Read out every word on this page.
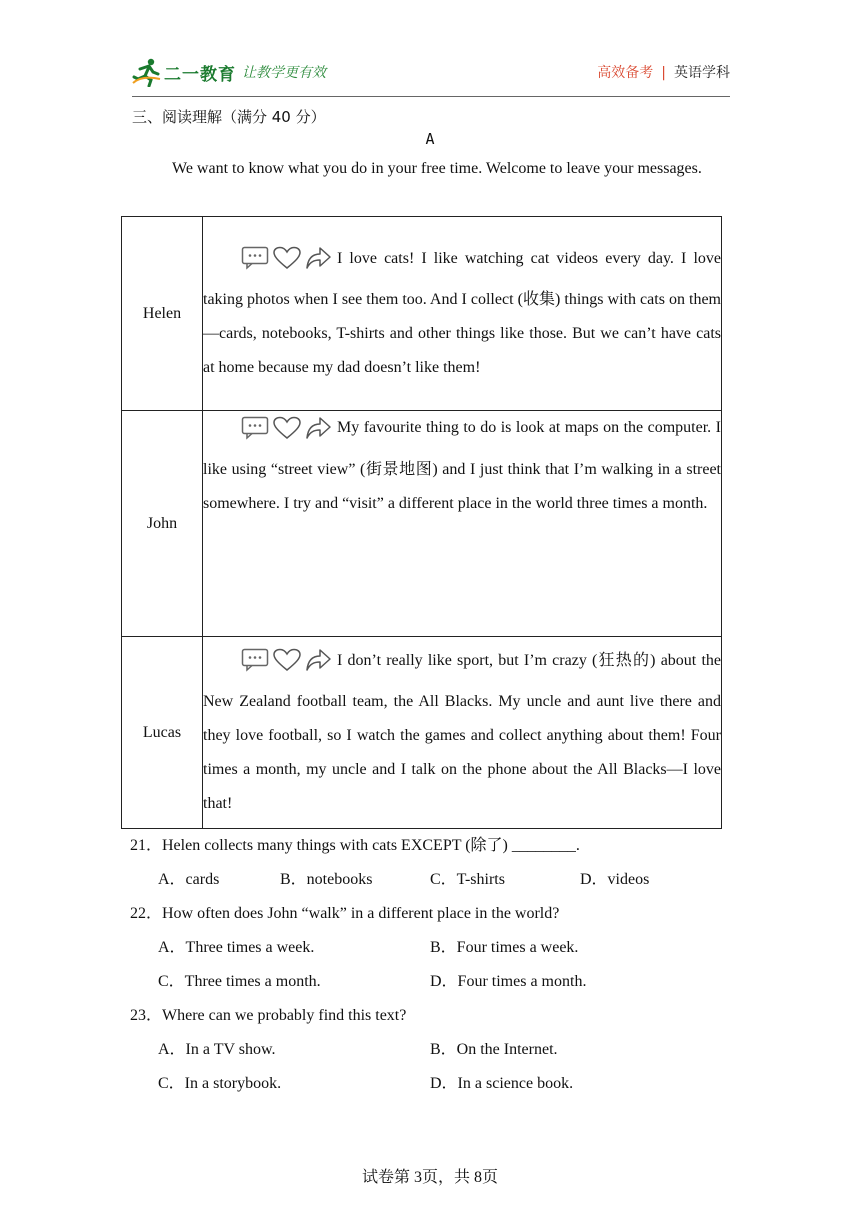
二一教育 让教学更有效	高效备考 | 英语学科
三、阅读理解（满分 40 分）
A
We want to know what you do in your free time. Welcome to leave your messages.
Helen	I love cats! I like watching cat videos every day. I love taking photos when I see them too. And I collect (收集) things with cats on them —cards, notebooks, T-shirts and other things like those. But we can’t have cats at home because my dad doesn’t like them!
John	My favourite thing to do is look at maps on the computer. I like using “street view” (街景地图) and I just think that I’m walking in a street somewhere. I try and “visit” a different place in the world three times a month.
Lucas	I don’t really like sport, but I’m crazy (狂热的) about the New Zealand football team, the All Blacks. My uncle and aunt live there and they love football, so I watch the games and collect anything about them! Four times a month, my uncle and I talk on the phone about the All Blacks—I love that!
21．Helen collects many things with cats EXCEPT (除了) ________.
A．cards	B．notebooks	C．T-shirts	D．videos
22．How often does John “walk” in a different place in the world?
A．Three times a week.	B．Four times a week.
C．Three times a month.	D．Four times a month.
23．Where can we probably find this text?
A．In a TV show.	B．On the Internet.
C．In a storybook.	D．In a science book.
试卷第 3页，共 8页
